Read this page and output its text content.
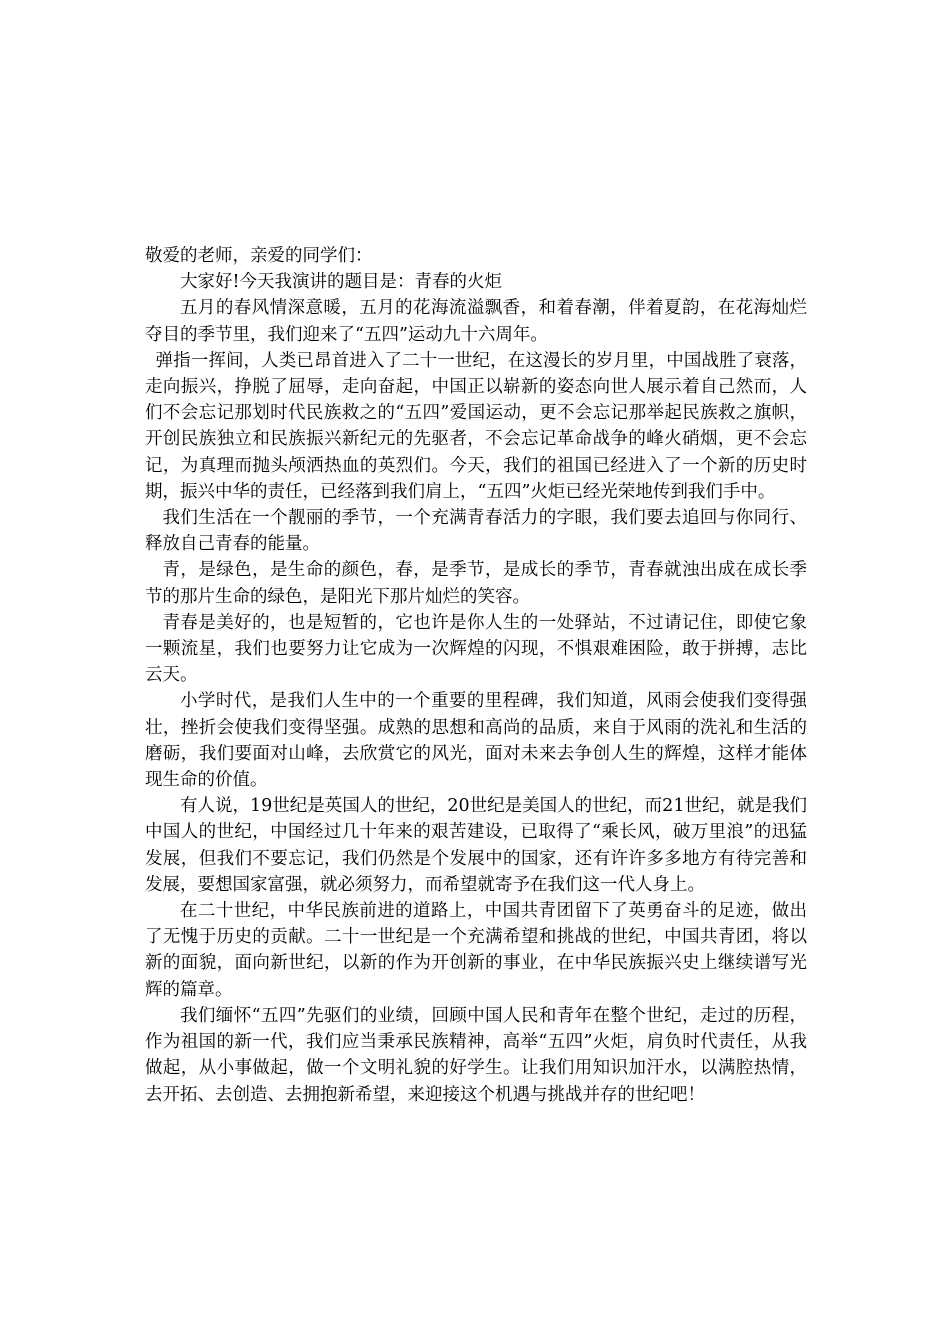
敬爱的老师，亲爱的同学们：

大家好!今天我演讲的题目是：青春的火炬

五月的春风情深意暖，五月的花海流溢飘香，和着春潮，伴着夏韵，在花海灿烂夺目的季节里，我们迎来了“五四”运动九十六周年。

弹指一挥间，人类已昂首进入了二十一世纪，在这漫长的岁月里，中国战胜了衰落，走向振兴，挣脱了屈辱，走向奋起，中国正以崭新的姿态向世人展示着自己然而，人们不会忘记那划时代民族救之的“五四”爱国运动，更不会忘记那举起民族救之旗帜，开创民族独立和民族振兴新纪元的先驱者，不会忘记革命战争的峰火硝烟，更不会忘记，为真理而抛头颅洒热血的英烈们。今天，我们的祖国已经进入了一个新的历史时期，振兴中华的责任，已经落到我们肩上，“五四”火炬已经光荣地传到我们手中。

我们生活在一个靓丽的季节，一个充满青春活力的字眼，我们要去追回与你同行、释放自己青春的能量。

青，是绿色，是生命的颜色，春，是季节，是成长的季节，青春就浊出成在成长季节的那片生命的绿色，是阳光下那片灿烂的笑容。

青春是美好的，也是短暂的，它也许是你人生的一处驿站，不过请记住，即使它象一颗流星，我们也要努力让它成为一次辉煌的闪现，不惧艰难困险，敢于拼搏，志比云天。

小学时代，是我们人生中的一个重要的里程碑，我们知道，风雨会使我们变得强壮，挫折会使我们变得坚强。成熟的思想和高尚的品质，来自于风雨的洗礼和生活的磨砺，我们要面对山峰，去欣赏它的风光，面对未来去争创人生的辉煌，这样才能体现生命的价值。

有人说，19世纪是英国人的世纪，20世纪是美国人的世纪，而21世纪，就是我们中国人的世纪，中国经过几十年来的艰苦建设，已取得了“乘长风，破万里浪”的迅猛发展，但我们不要忘记，我们仍然是个发展中的国家，还有许许多多地方有待完善和发展，要想国家富强，就必须努力，而希望就寄予在我们这一代人身上。

在二十世纪，中华民族前进的道路上，中国共青团留下了英勇奋斗的足迹，做出了无愧于历史的贡献。二十一世纪是一个充满希望和挑战的世纪，中国共青团，将以新的面貌，面向新世纪，以新的作为开创新的事业，在中华民族振兴史上继续谱写光辉的篇章。

我们缅怀“五四”先驱们的业绩，回顾中国人民和青年在整个世纪，走过的历程，作为祖国的新一代，我们应当秉承民族精神，高举“五四”火炬，肩负时代责任，从我做起，从小事做起，做一个文明礼貌的好学生。让我们用知识加汗水，以满腔热情，去开拓、去创造、去拥抱新希望，来迎接这个机遇与挑战并存的世纪吧！
